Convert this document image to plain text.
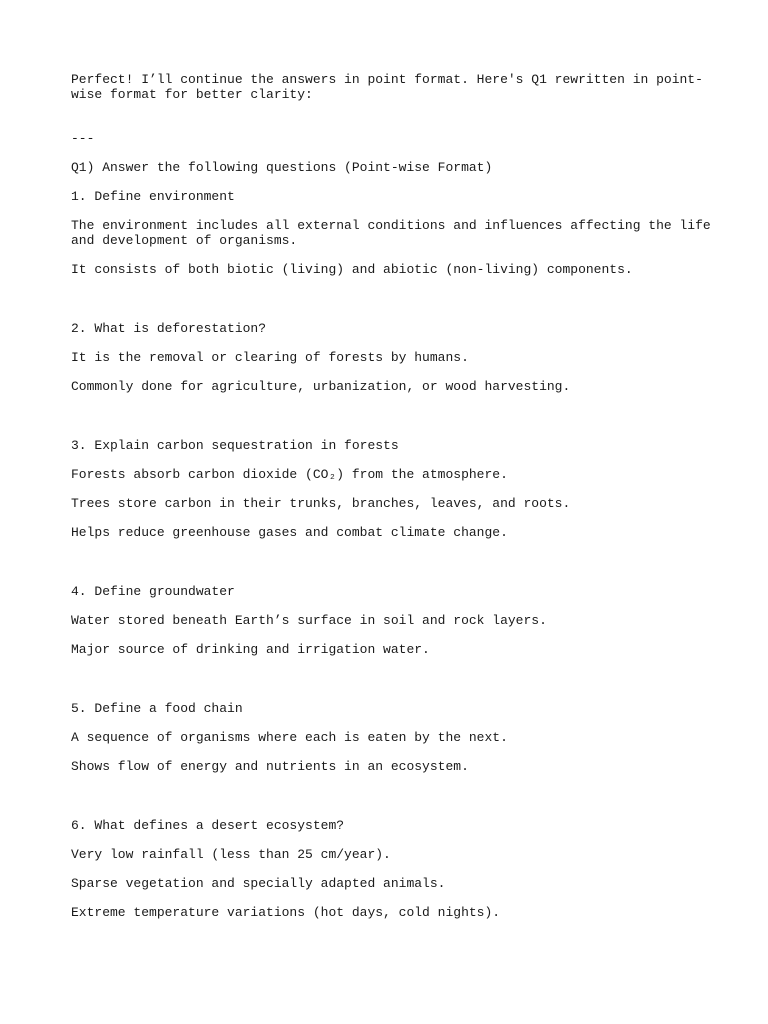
Perfect! I’ll continue the answers in point format. Here's Q1 rewritten in point-wise format for better clarity:

---

Q1) Answer the following questions (Point-wise Format)

1. Define environment

The environment includes all external conditions and influences affecting the life and development of organisms.

It consists of both biotic (living) and abiotic (non-living) components.

2. What is deforestation?

It is the removal or clearing of forests by humans.

Commonly done for agriculture, urbanization, or wood harvesting.

3. Explain carbon sequestration in forests

Forests absorb carbon dioxide (CO₂) from the atmosphere.

Trees store carbon in their trunks, branches, leaves, and roots.

Helps reduce greenhouse gases and combat climate change.

4. Define groundwater

Water stored beneath Earth’s surface in soil and rock layers.

Major source of drinking and irrigation water.

5. Define a food chain

A sequence of organisms where each is eaten by the next.

Shows flow of energy and nutrients in an ecosystem.

6. What defines a desert ecosystem?

Very low rainfall (less than 25 cm/year).

Sparse vegetation and specially adapted animals.

Extreme temperature variations (hot days, cold nights).
